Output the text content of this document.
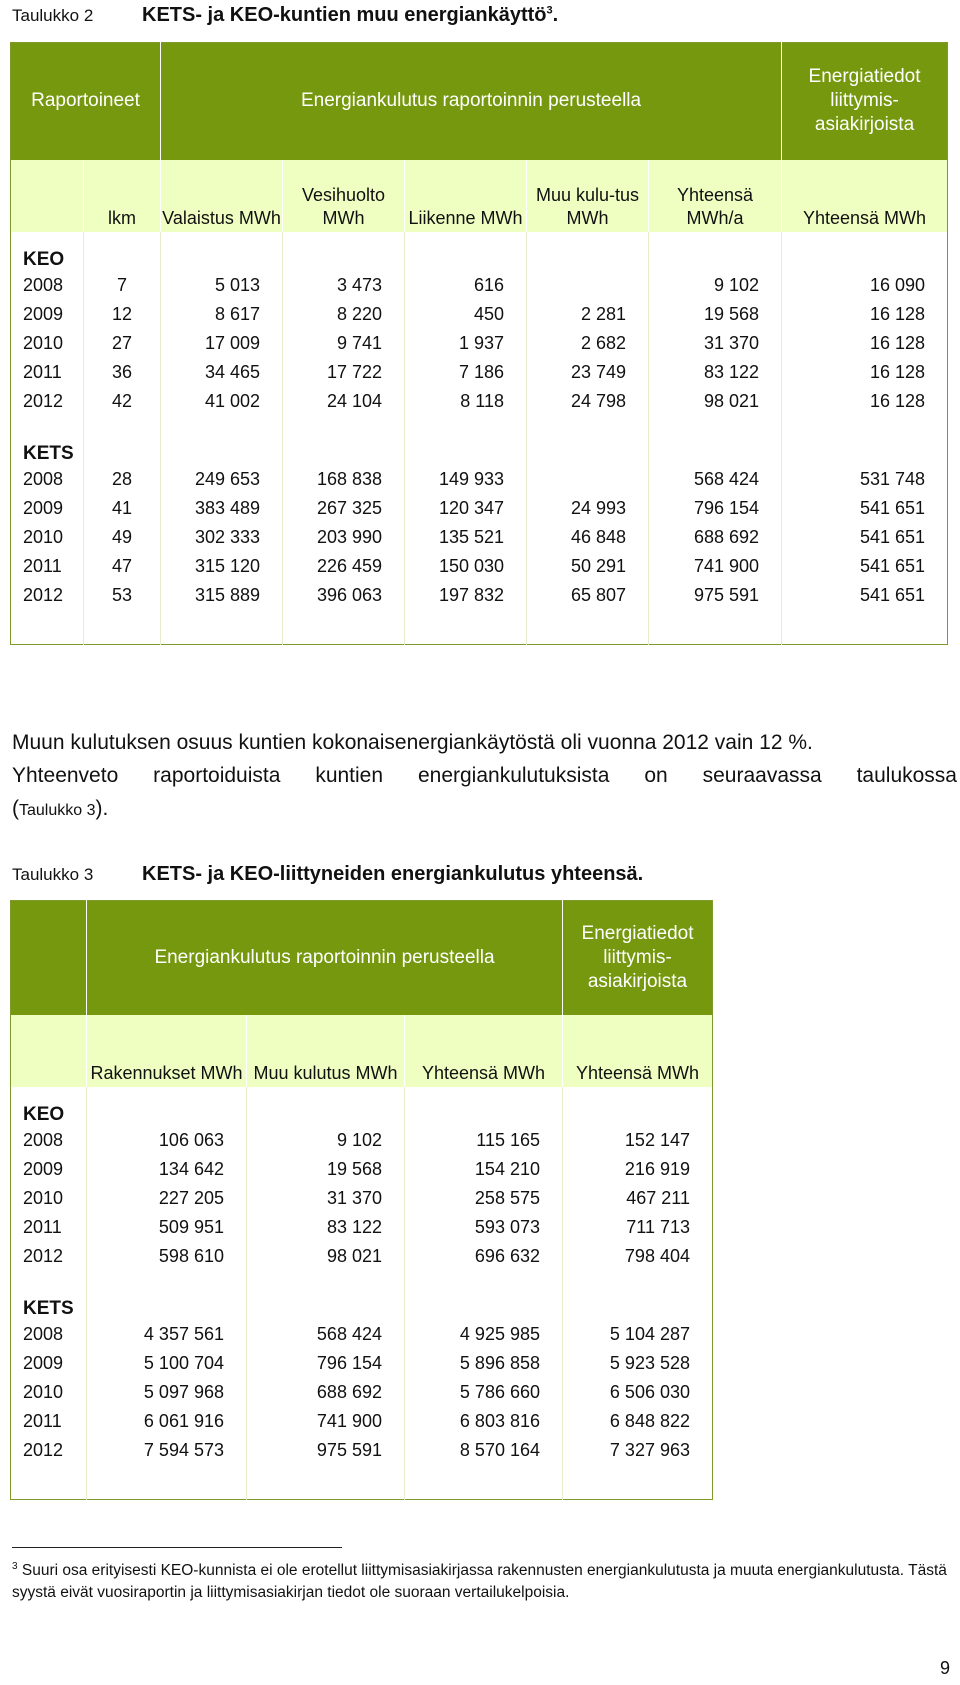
Taulukko 2 KETS- ja KEO-kuntien muu energiankäyttö$^3$.
Raportoineet		Energiankulutus raportoinnin perusteella					Energiatiedot liittymis-asiakirjoista
	lkm	Valaistus MWh	Vesihuolto MWh	Liikenne MWh	Muu kulu-tus MWh	Yhteensä MWh/a	Yhteensä MWh

KEO							
2008	7	5 013	3 473	616		9 102	16 090
2009	12	8 617	8 220	450	2 281	19 568	16 128
2010	27	17 009	9 741	1 937	2 682	31 370	16 128
2011	36	34 465	17 722	7 186	23 749	83 122	16 128
2012	42	41 002	24 104	8 118	24 798	98 021	16 128

KETS							
2008	28	249 653	168 838	149 933		568 424	531 748
2009	41	383 489	267 325	120 347	24 993	796 154	541 651
2010	49	302 333	203 990	135 521	46 848	688 692	541 651
2011	47	315 120	226 459	150 030	50 291	741 900	541 651
2012	53	315 889	396 063	197 832	65 807	975 591	541 651

Muun kulutuksen osuus kuntien kokonaisenergiankäytöstä oli vuonna 2012 vain 12 %.
Yhteenveto raportoiduista kuntien energiankulutuksista on seuraavassa taulukossa
(Taulukko 3).
Taulukko 3 KETS- ja KEO-liittyneiden energiankulutus yhteensä.
	Energiankulutus raportoinnin perusteella			Energiatiedot liittymis-asiakirjoista
	Rakennukset MWh	Muu kulutus MWh	Yhteensä MWh	Yhteensä MWh

KEO				
2008	106 063	9 102	115 165	152 147
2009	134 642	19 568	154 210	216 919
2010	227 205	31 370	258 575	467 211
2011	509 951	83 122	593 073	711 713
2012	598 610	98 021	696 632	798 404

KETS				
2008	4 357 561	568 424	4 925 985	5 104 287
2009	5 100 704	796 154	5 896 858	5 923 528
2010	5 097 968	688 692	5 786 660	6 506 030
2011	6 061 916	741 900	6 803 816	6 848 822
2012	7 594 573	975 591	8 570 164	7 327 963

$^3$ Suuri osa erityisesti KEO-kunnista ei ole erotellut liittymisasiakirjassa rakennusten energiankulutusta ja muuta energiankulutusta. Tästä syystä eivät vuosiraportin ja liittymisasiakirjan tiedot ole suoraan vertailukelpoisia.
9
